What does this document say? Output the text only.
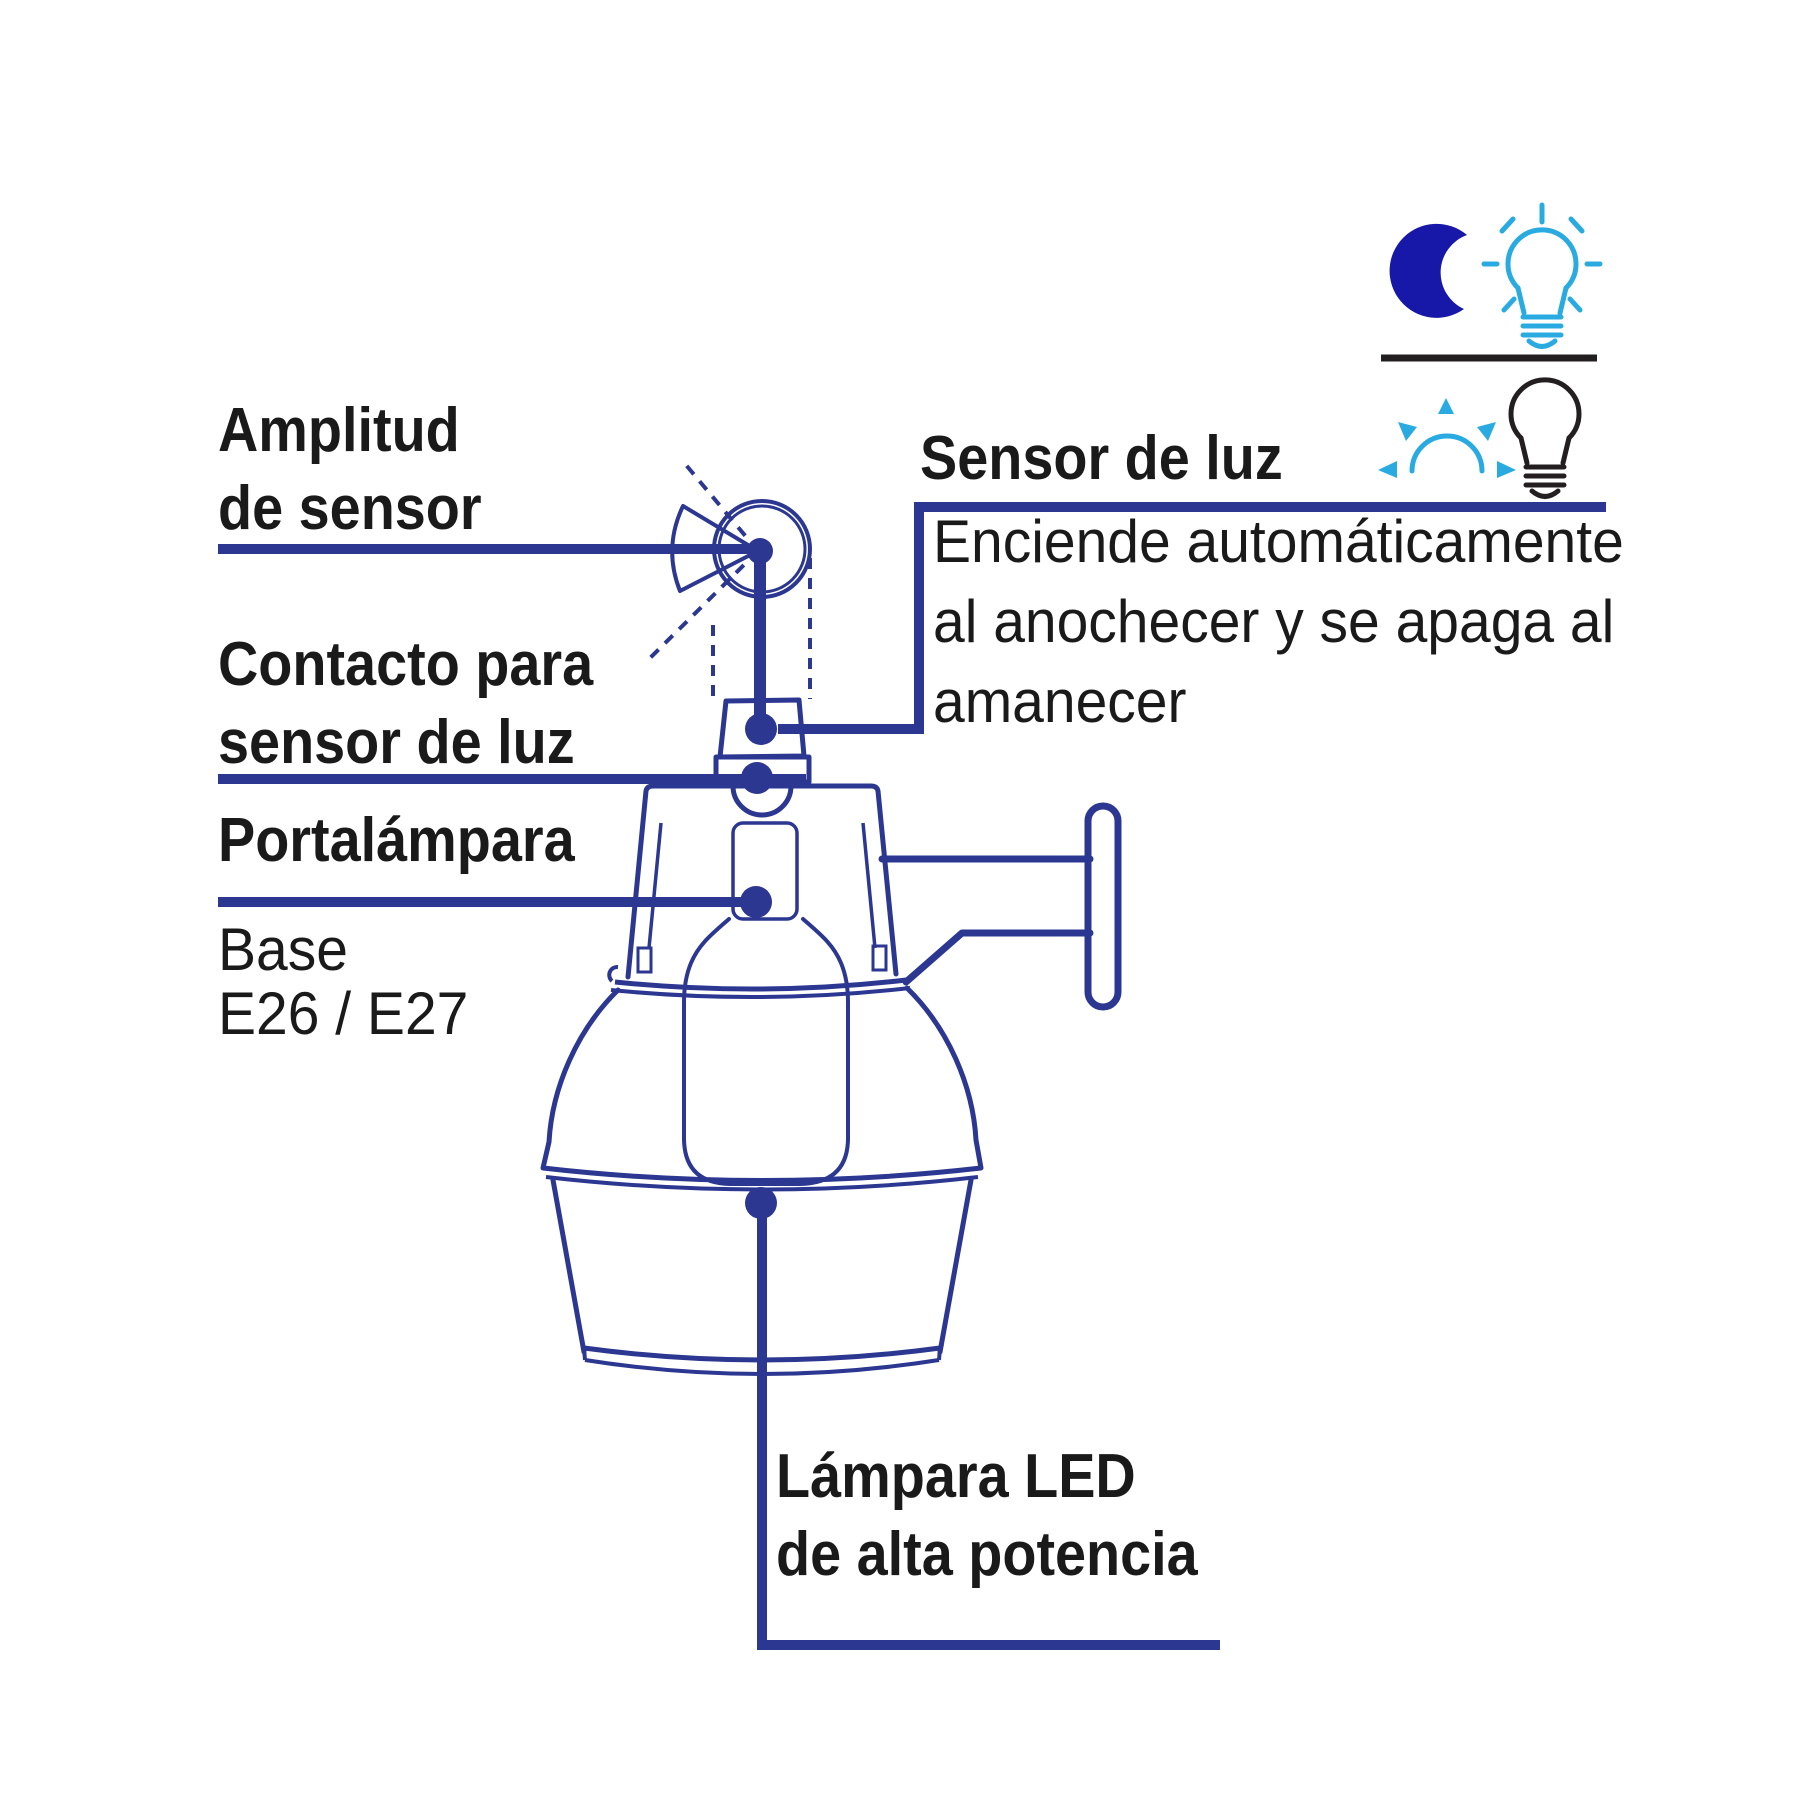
Amplitud
de sensor
Contacto para
sensor de luz
Portalámpara
Base
E26 / E27
Sensor de luz
Enciende automáticamente
al anochecer y se apaga al
amanecer
Lámpara LED
de alta potencia
